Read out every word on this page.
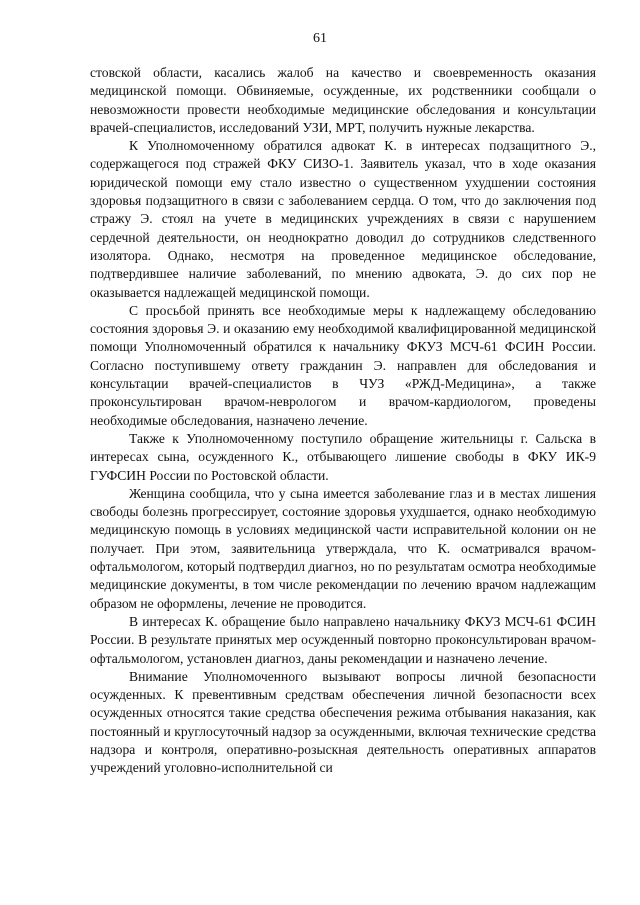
61

стовской области, касались жалоб на качество и своевременность оказания медицинской помощи. Обвиняемые, осужденные, их родственники сообщали о невозможности провести необходимые медицинские обследования и консультации врачей-специалистов, исследований УЗИ, МРТ, получить нужные лекарства.

К Уполномоченному обратился адвокат К. в интересах подзащитного Э., содержащегося под стражей ФКУ СИЗО-1. Заявитель указал, что в ходе оказания юридической помощи ему стало известно о существенном ухудшении состояния здоровья подзащитного в связи с заболеванием сердца. О том, что до заключения под стражу Э. стоял на учете в медицинских учреждениях в связи с нарушением сердечной деятельности, он неоднократно доводил до сотрудников следственного изолятора. Однако, несмотря на проведенное медицинское обследование, подтвердившее наличие заболеваний, по мнению адвоката, Э. до сих пор не оказывается надлежащей медицинской помощи.

С просьбой принять все необходимые меры к надлежащему обследованию состояния здоровья Э. и оказанию ему необходимой квалифицированной медицинской помощи Уполномоченный обратился к начальнику ФКУЗ МСЧ-61 ФСИН России. Согласно поступившему ответу гражданин Э. направлен для обследования и консультации врачей-специалистов в ЧУЗ «РЖД-Медицина», а также проконсультирован врачом-неврологом и врачом-кардиологом, проведены необходимые обследования, назначено лечение.

Также к Уполномоченному поступило обращение жительницы г. Сальска в интересах сына, осужденного К., отбывающего лишение свободы в ФКУ ИК-9 ГУФСИН России по Ростовской области.

Женщина сообщила, что у сына имеется заболевание глаз и в местах лишения свободы болезнь прогрессирует, состояние здоровья ухудшается, однако необходимую медицинскую помощь в условиях медицинской части исправительной колонии он не получает. При этом, заявительница утверждала, что К. осматривался врачом-офтальмологом, который подтвердил диагноз, но по результатам осмотра необходимые медицинские документы, в том числе рекомендации по лечению врачом надлежащим образом не оформлены, лечение не проводится.

В интересах К. обращение было направлено начальнику ФКУЗ МСЧ-61 ФСИН России. В результате принятых мер осужденный повторно проконсультирован врачом-офтальмологом, установлен диагноз, даны рекомендации и назначено лечение.

Внимание Уполномоченного вызывают вопросы личной безопасности осужденных. К превентивным средствам обеспечения личной безопасности всех осужденных относятся такие средства обеспечения режима отбывания наказания, как постоянный и круглосуточный надзор за осужденными, включая технические средства надзора и контроля, оперативно-розыскная деятельность оперативных аппаратов учреждений уголовно-исполнительной си
